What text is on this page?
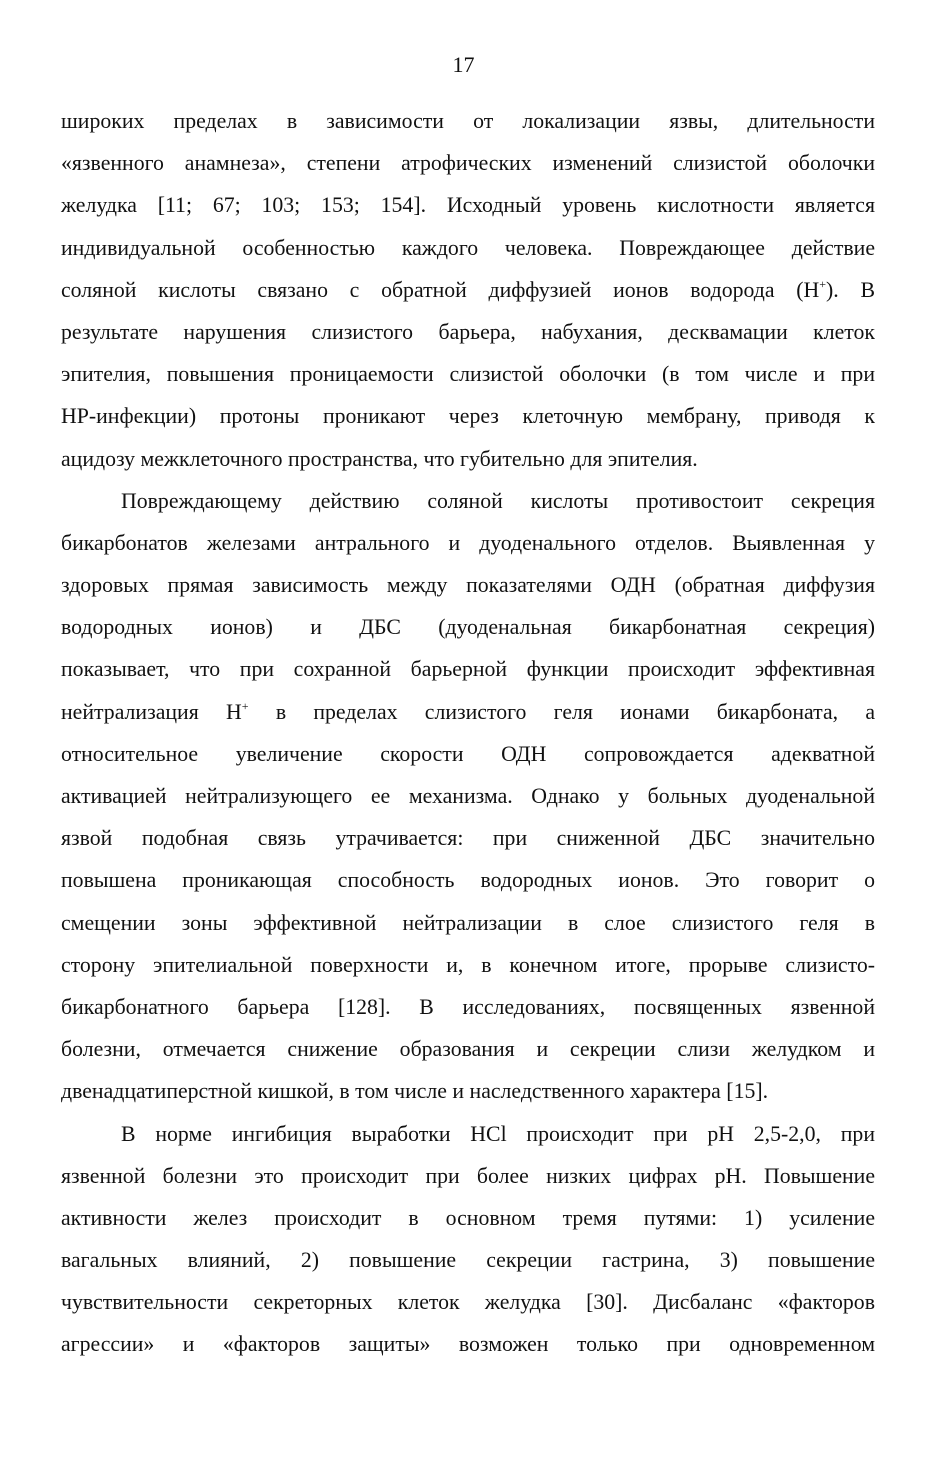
17
широких пределах в зависимости от локализации язвы, длительности
«язвенного анамнеза», степени атрофических изменений слизистой оболочки
желудка [11; 67; 103; 153; 154]. Исходный уровень кислотности является
индивидуальной особенностью каждого человека. Повреждающее действие
соляной кислоты связано с обратной диффузией ионов водорода (H+). В
результате нарушения слизистого барьера, набухания, десквамации клеток
эпителия, повышения проницаемости слизистой оболочки (в том числе и при
HP-инфекции) протоны проникают через клеточную мембрану, приводя к
ацидозу межклеточного пространства, что губительно для эпителия.
Повреждающему действию соляной кислоты противостоит секреция
бикарбонатов железами антрального и дуоденального отделов. Выявленная у
здоровых прямая зависимость между показателями ОДН (обратная диффузия
водородных ионов) и ДБС (дуоденальная бикарбонатная секреция)
показывает, что при сохранной барьерной функции происходит эффективная
нейтрализация H+ в пределах слизистого геля ионами бикарбоната, а
относительное увеличение скорости ОДН сопровождается адекватной
активацией нейтрализующего ее механизма. Однако у больных дуоденальной
язвой подобная связь утрачивается: при сниженной ДБС значительно
повышена проникающая способность водородных ионов. Это говорит о
смещении зоны эффективной нейтрализации в слое слизистого геля в
сторону эпителиальной поверхности и, в конечном итоге, прорыве слизисто-
бикарбонатного барьера [128]. В исследованиях, посвященных язвенной
болезни, отмечается снижение образования и секреции слизи желудком и
двенадцатиперстной кишкой, в том числе и наследственного характера [15].
В норме ингибиция выработки HCl происходит при pH 2,5-2,0, при
язвенной болезни это происходит при более низких цифрах pH. Повышение
активности желез происходит в основном тремя путями: 1) усиление
вагальных влияний, 2) повышение секреции гастрина, 3) повышение
чувствительности секреторных клеток желудка [30]. Дисбаланс «факторов
агрессии» и «факторов защиты» возможен только при одновременном
